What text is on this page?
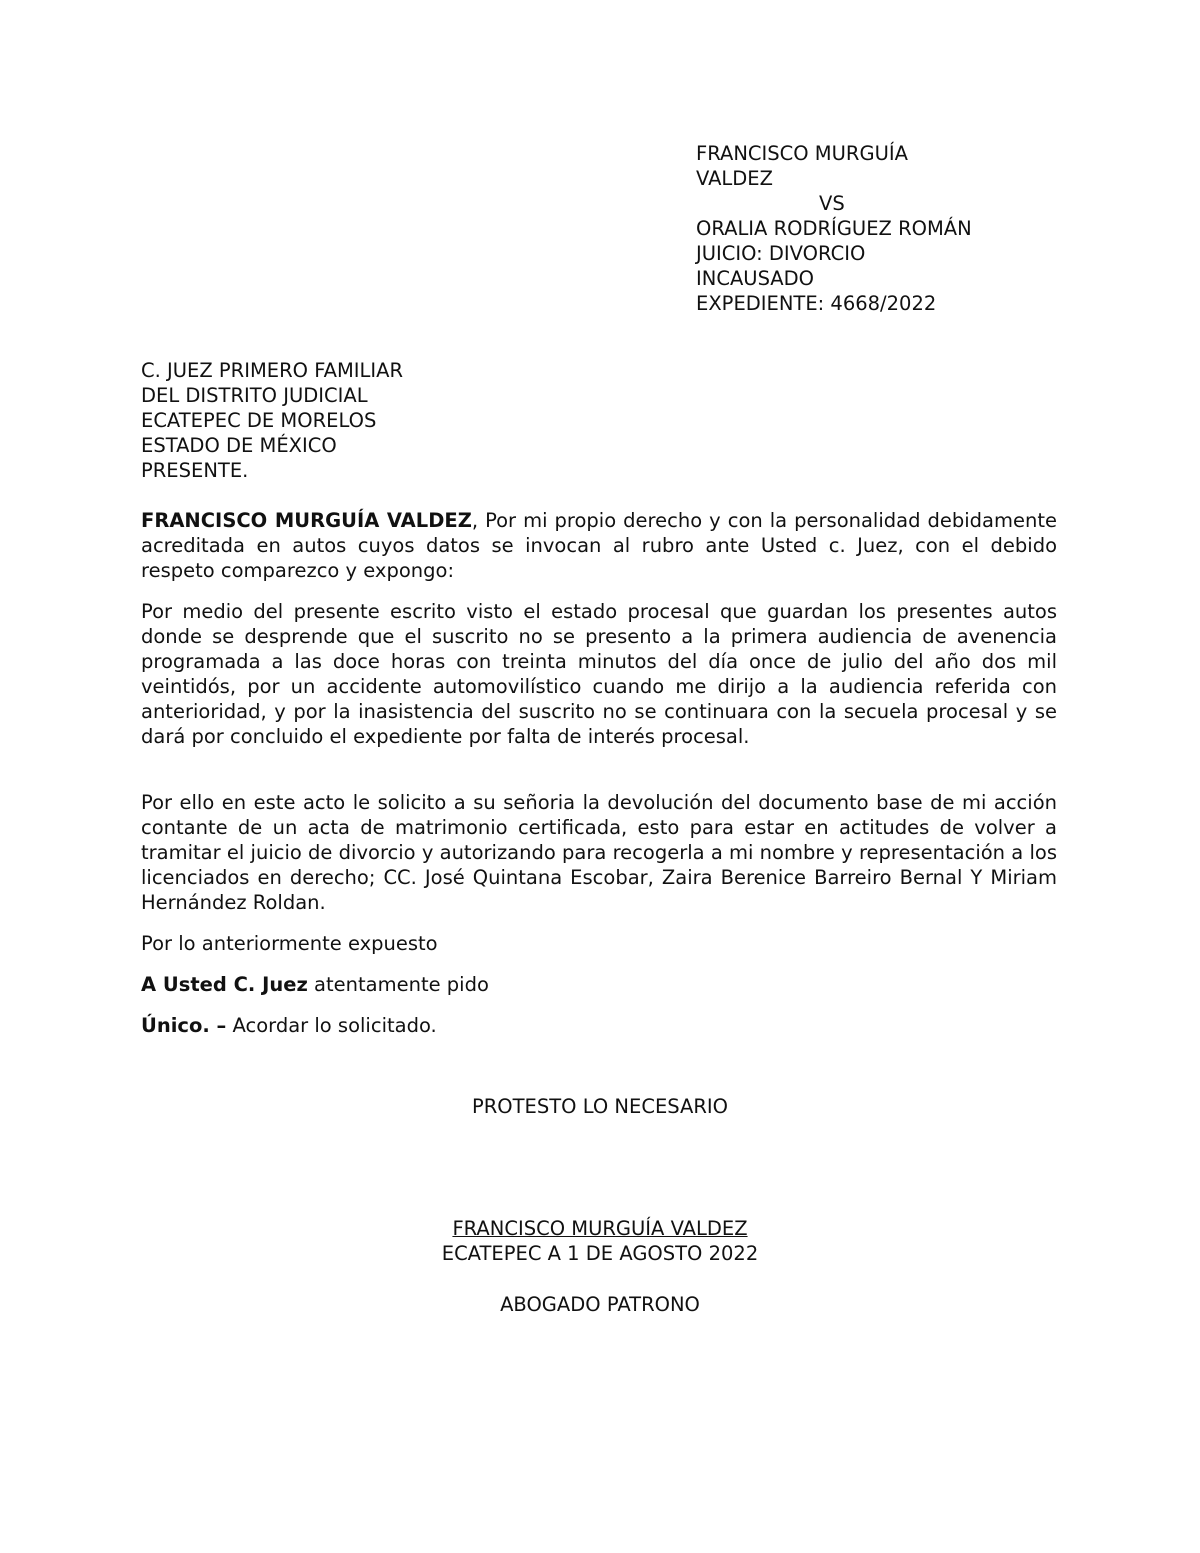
FRANCISCO MURGUÍA
VALDEZ
VS
ORALIA RODRÍGUEZ ROMÁN
JUICIO: DIVORCIO
INCAUSADO
EXPEDIENTE: 4668/2022
C. JUEZ PRIMERO FAMILIAR
DEL DISTRITO JUDICIAL
ECATEPEC DE MORELOS
ESTADO DE MÉXICO
PRESENTE.

FRANCISCO MURGUÍA VALDEZ, Por mi propio derecho y con la personalidad debidamente acreditada en autos cuyos datos se invocan al rubro ante Usted c. Juez, con el debido respeto comparezco y expongo:

Por medio del presente escrito visto el estado procesal que guardan los presentes autos donde se desprende que el suscrito no se presento a la primera audiencia de avenencia programada a las doce horas con treinta minutos del día once de julio del año dos mil veintidós, por un accidente automovilístico cuando me dirijo a la audiencia referida con anterioridad, y por la inasistencia del suscrito no se continuara con la secuela procesal y se dará por concluido el expediente por falta de interés procesal.

Por ello en este acto le solicito a su señoria la devolución del documento base de mi acción contante de un acta de matrimonio certificada, esto para estar en actitudes de volver a tramitar el juicio de divorcio y autorizando para recogerla a mi nombre y representación a los licenciados en derecho; CC. José Quintana Escobar, Zaira Berenice Barreiro Bernal Y Miriam Hernández Roldan.

Por lo anteriormente expuesto

A Usted C. Juez atentamente pido

Único. – Acordar lo solicitado.

PROTESTO LO NECESARIO
FRANCISCO MURGUÍA VALDEZ
ECATEPEC A 1 DE AGOSTO 2022
ABOGADO PATRONO
